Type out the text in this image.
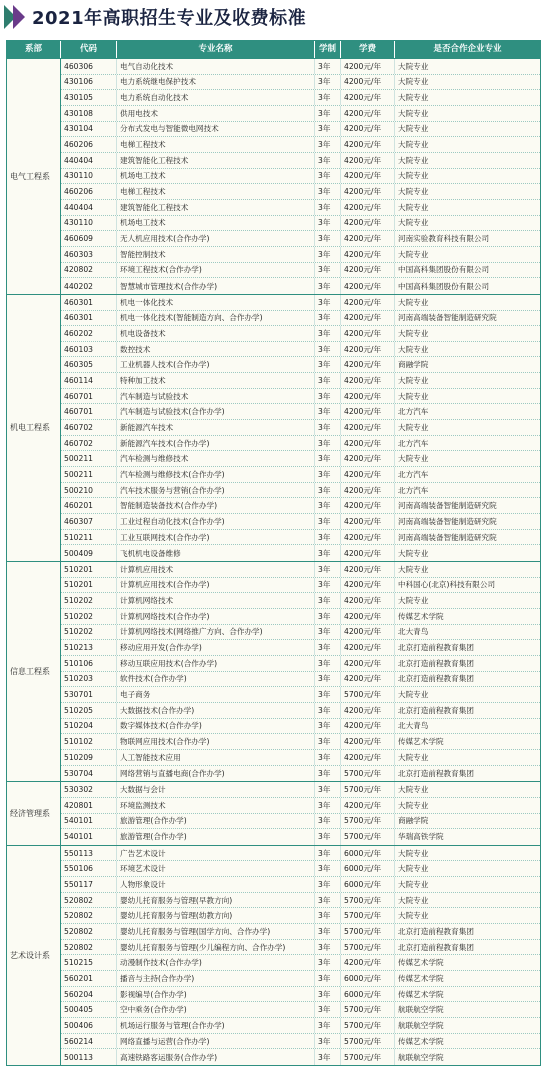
2021年高职招生专业及收费标准
系部	代码	专业名称	学制	学费	是否合作企业专业
电气工程系
460306	电气自动化技术	3年	4200元/年	大院专业
430106	电力系统继电保护技术	3年	4200元/年	大院专业
430105	电力系统自动化技术	3年	4200元/年	大院专业
430108	供用电技术	3年	4200元/年	大院专业
430104	分布式发电与智能微电网技术	3年	4200元/年	大院专业
460206	电梯工程技术	3年	4200元/年	大院专业
440404	建筑智能化工程技术	3年	4200元/年	大院专业
430110	机场电工技术	3年	4200元/年	大院专业
460206	电梯工程技术	3年	4200元/年	大院专业
440404	建筑智能化工程技术	3年	4200元/年	大院专业
430110	机场电工技术	3年	4200元/年	大院专业
460609	无人机应用技术(合作办学)	3年	4200元/年	河南实验教育科技有限公司
460303	智能控制技术	3年	4200元/年	大院专业
420802	环境工程技术(合作办学)	3年	4200元/年	中国高科集团股份有限公司
440202	智慧城市管理技术(合作办学)	3年	4200元/年	中国高科集团股份有限公司
机电工程系
460301	机电一体化技术	3年	4200元/年	大院专业
460301	机电一体化技术(智能制造方向、合作办学)	3年	4200元/年	河南高端装备智能制造研究院
460202	机电设备技术	3年	4200元/年	大院专业
460103	数控技术	3年	4200元/年	大院专业
460305	工业机器人技术(合作办学)	3年	4200元/年	商融学院
460114	特种加工技术	3年	4200元/年	大院专业
460701	汽车制造与试验技术	3年	4200元/年	大院专业
460701	汽车制造与试验技术(合作办学)	3年	4200元/年	北方汽车
460702	新能源汽车技术	3年	4200元/年	大院专业
460702	新能源汽车技术(合作办学)	3年	4200元/年	北方汽车
500211	汽车检测与维修技术	3年	4200元/年	大院专业
500211	汽车检测与维修技术(合作办学)	3年	4200元/年	北方汽车
500210	汽车技术服务与营销(合作办学)	3年	4200元/年	北方汽车
460201	智能制造装备技术(合作办学)	3年	4200元/年	河南高端装备智能制造研究院
460307	工业过程自动化技术(合作办学)	3年	4200元/年	河南高端装备智能制造研究院
510211	工业互联网技术(合作办学)	3年	4200元/年	河南高端装备智能制造研究院
500409	飞机机电设备维修	3年	4200元/年	大院专业
信息工程系
510201	计算机应用技术	3年	4200元/年	大院专业
510201	计算机应用技术(合作办学)	3年	4200元/年	中科国心(北京)科技有限公司
510202	计算机网络技术	3年	4200元/年	大院专业
510202	计算机网络技术(合作办学)	3年	4200元/年	传媒艺术学院
510202	计算机网络技术(网络推广方向、合作办学)	3年	4200元/年	北大青鸟
510213	移动应用开发(合作办学)	3年	4200元/年	北京打造前程教育集团
510106	移动互联应用技术(合作办学)	3年	4200元/年	北京打造前程教育集团
510203	软件技术(合作办学)	3年	4200元/年	北京打造前程教育集团
530701	电子商务	3年	5700元/年	大院专业
510205	大数据技术(合作办学)	3年	4200元/年	北京打造前程教育集团
510204	数字媒体技术(合作办学)	3年	4200元/年	北大青鸟
510102	物联网应用技术(合作办学)	3年	4200元/年	传媒艺术学院
510209	人工智能技术应用	3年	4200元/年	大院专业
530704	网络营销与直播电商(合作办学)	3年	5700元/年	北京打造前程教育集团
经济管理系
530302	大数据与会计	3年	5700元/年	大院专业
420801	环境监测技术	3年	4200元/年	大院专业
540101	旅游管理(合作办学)	3年	5700元/年	商融学院
540101	旅游管理(合作办学)	3年	5700元/年	华瑞高铁学院
艺术设计系
550113	广告艺术设计	3年	6000元/年	大院专业
550106	环境艺术设计	3年	6000元/年	大院专业
550117	人物形象设计	3年	6000元/年	大院专业
520802	婴幼儿托育服务与管理(早教方向)	3年	5700元/年	大院专业
520802	婴幼儿托育服务与管理(幼教方向)	3年	5700元/年	大院专业
520802	婴幼儿托育服务与管理(国学方向、合作办学)	3年	5700元/年	北京打造前程教育集团
520802	婴幼儿托育服务与管理(少儿编程方向、合作办学)	3年	5700元/年	北京打造前程教育集团
510215	动漫制作技术(合作办学)	3年	4200元/年	传媒艺术学院
560201	播音与主持(合作办学)	3年	6000元/年	传媒艺术学院
560204	影视编导(合作办学)	3年	6000元/年	传媒艺术学院
500405	空中乘务(合作办学)	3年	5700元/年	航联航空学院
500406	机场运行服务与管理(合作办学)	3年	5700元/年	航联航空学院
560214	网络直播与运营(合作办学)	3年	5700元/年	传媒艺术学院
500113	高速铁路客运服务(合作办学)	3年	5700元/年	航联航空学院
